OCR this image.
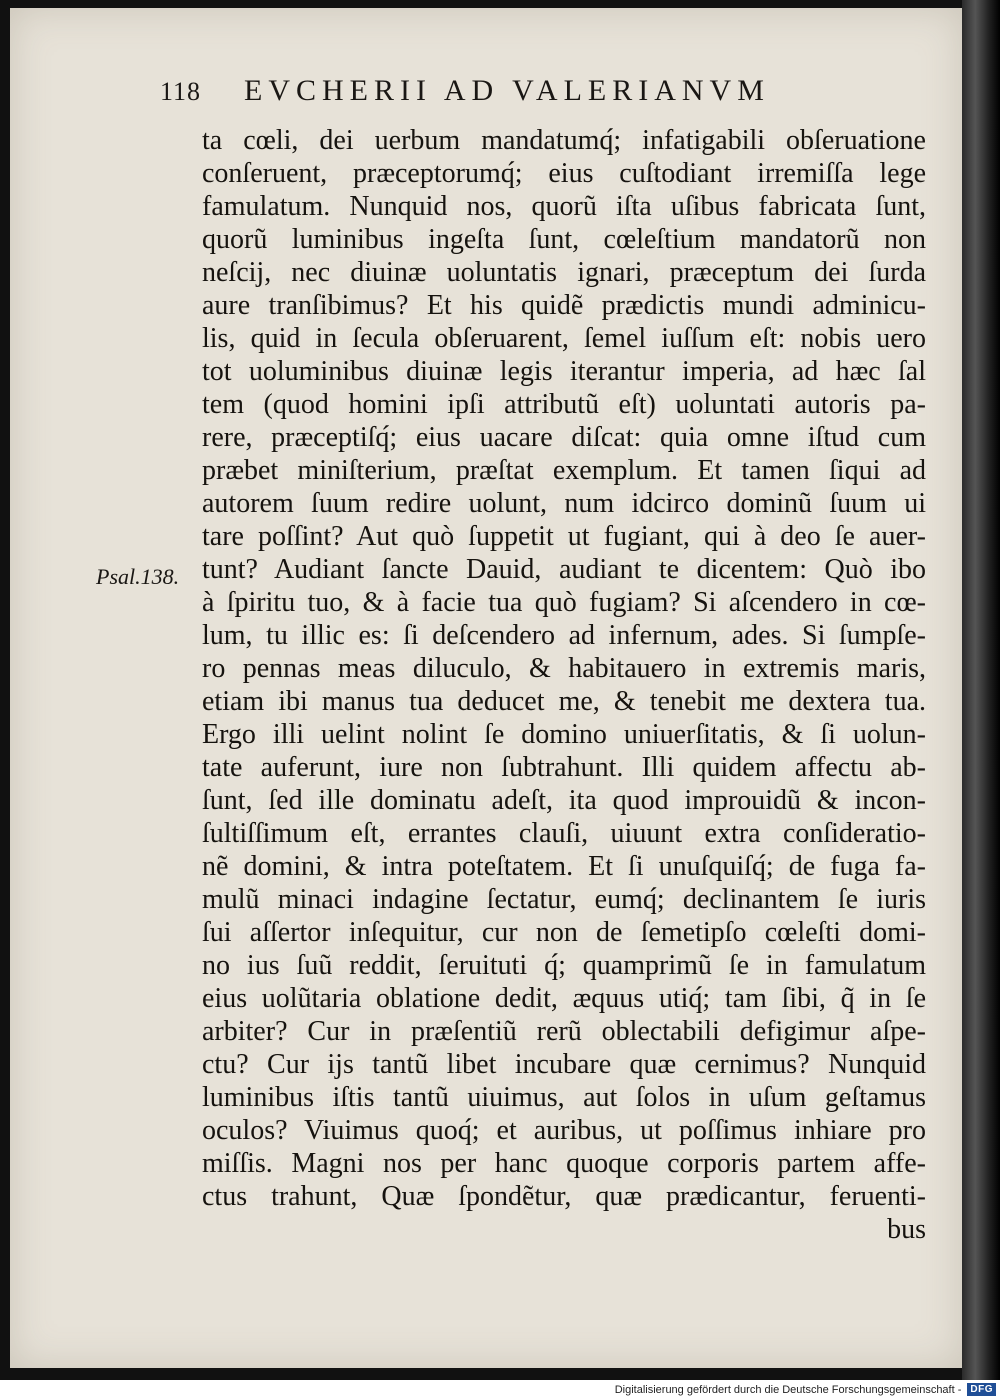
118	EVCHERII AD VALERIANVM
Psal.138.
ta cœli, dei uerbum mandatumq́; infatigabili obſeruatione
conſeruent, præceptorumq́; eius cuſtodiant irremiſſa lege
famulatum. Nunquid nos, quorũ iſta uſibus fabricata ſunt,
quorũ luminibus ingeſta ſunt, cœleſtium mandatorũ non
neſcij, nec diuinæ uoluntatis ignari, præceptum dei ſurda
aure tranſibimus? Et his quidẽ prædictis mundi adminicu-
lis, quid in ſecula obſeruarent, ſemel iuſſum eſt: nobis uero
tot uoluminibus diuinæ legis iterantur imperia, ad hæc ſal
tem (quod homini ipſi attributũ eſt) uoluntati autoris pa-
rere, præceptiſq́; eius uacare diſcat: quia omne iſtud cum
præbet miniſterium, præſtat exemplum. Et tamen ſiqui ad
autorem ſuum redire uolunt, num idcirco dominũ ſuum ui
tare poſſint? Aut quò ſuppetit ut fugiant, qui à deo ſe auer-
tunt? Audiant ſancte Dauid, audiant te dicentem: Quò ibo
à ſpiritu tuo, & à facie tua quò fugiam? Si aſcendero in cœ-
lum, tu illic es: ſi deſcendero ad infernum, ades. Si ſumpſe-
ro pennas meas diluculo, & habitauero in extremis maris,
etiam ibi manus tua deducet me, & tenebit me dextera tua.
Ergo illi uelint nolint ſe domino uniuerſitatis, & ſi uolun-
tate auferunt, iure non ſubtrahunt. Illi quidem affectu ab-
ſunt, ſed ille dominatu adeſt, ita quod improuidũ & incon-
ſultiſſimum eſt, errantes clauſi, uiuunt extra conſideratio-
nẽ domini, & intra poteſtatem. Et ſi unuſquiſq́; de fuga fa-
mulũ minaci indagine ſectatur, eumq́; declinantem ſe iuris
ſui aſſertor inſequitur, cur non de ſemetipſo cœleſti domi-
no ius ſuũ reddit, ſeruituti q́; quamprimũ ſe in famulatum
eius uolũtaria oblatione dedit, æquus utiq́; tam ſibi, q̃ in ſe
arbiter? Cur in præſentiũ rerũ oblectabili defigimur aſpe-
ctu? Cur ijs tantũ libet incubare quæ cernimus? Nunquid
luminibus iſtis tantũ uiuimus, aut ſolos in uſum geſtamus
oculos? Viuimus quoq́; et auribus, ut poſſimus inhiare pro
miſſis. Magni nos per hanc quoque corporis partem affe-
ctus trahunt, Quæ ſpondẽtur, quæ prædicantur, feruenti-
bus
Digitalisierung gefördert durch die Deutsche Forschungsgemeinschaft - DFG
